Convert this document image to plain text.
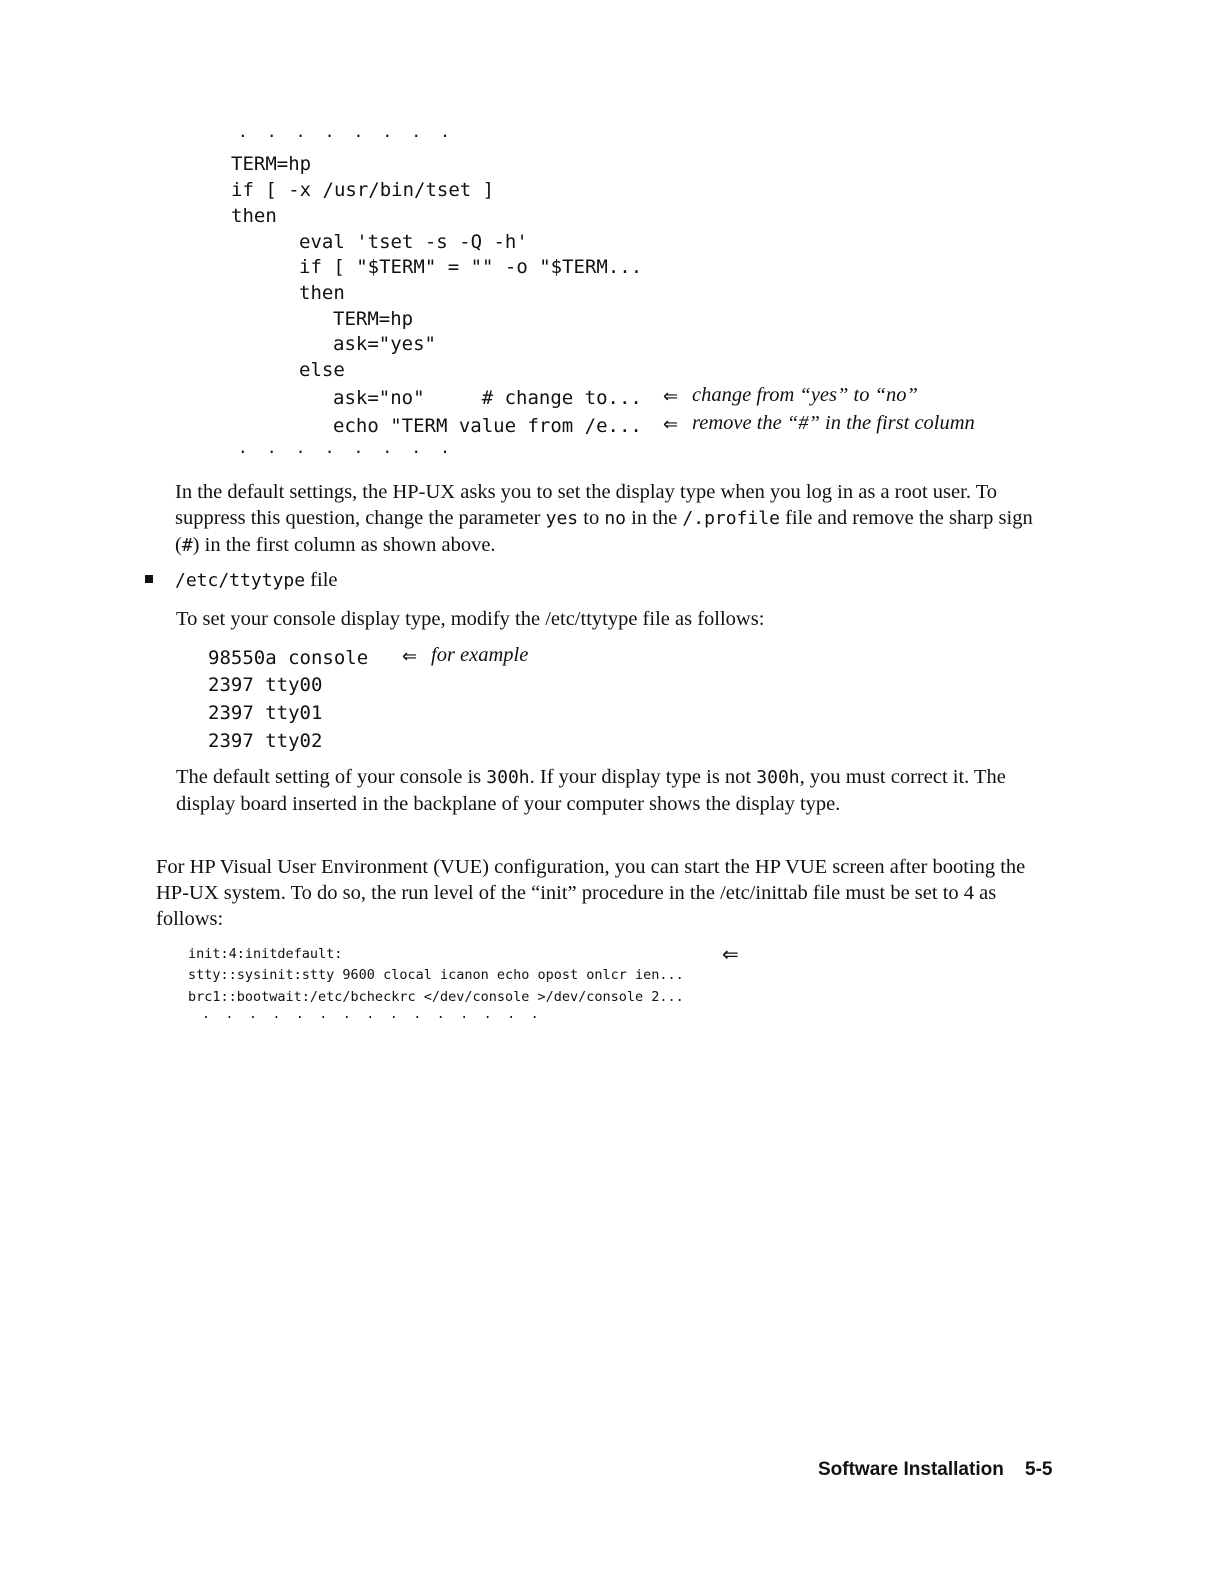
.  .  .  .  .  .  .  .
TERM=hp
if [ -x /usr/bin/tset ]
then
eval 'tset -s -Q -h'
if [ "$TERM" = "" -o "$TERM...
then
TERM=hp
ask="yes"
else
ask="no"     # change to... ⇐ change from “yes” to “no”
echo "TERM value from /e... ⇐ remove the “#” in the first column
.  .  .  .  .  .  .  .

In the default settings, the HP-UX asks you to set the display type when you log in as a root user. To suppress this question, change the parameter yes to no in the /.profile file and remove the sharp sign (#) in the first column as shown above.

/etc/ttytype file

To set your console display type, modify the /etc/ttytype file as follows:

98550a console ⇐ for example
2397 tty00
2397 tty01
2397 tty02

The default setting of your console is 300h. If your display type is not 300h, you must correct it. The display board inserted in the backplane of your computer shows the display type.

For HP Visual User Environment (VUE) configuration, you can start the HP VUE screen after booting the HP-UX system. To do so, the run level of the “init” procedure in the /etc/inittab file must be set to 4 as follows:

init:4:initdefault:	⇐
stty::sysinit:stty 9600 clocal icanon echo opost onlcr ien...
brc1::bootwait:/etc/bcheckrc </dev/console >/dev/console 2...
.  .  .  .  .  .  .  .  .  .  .  .  .  .  .
Software Installation 5-5
